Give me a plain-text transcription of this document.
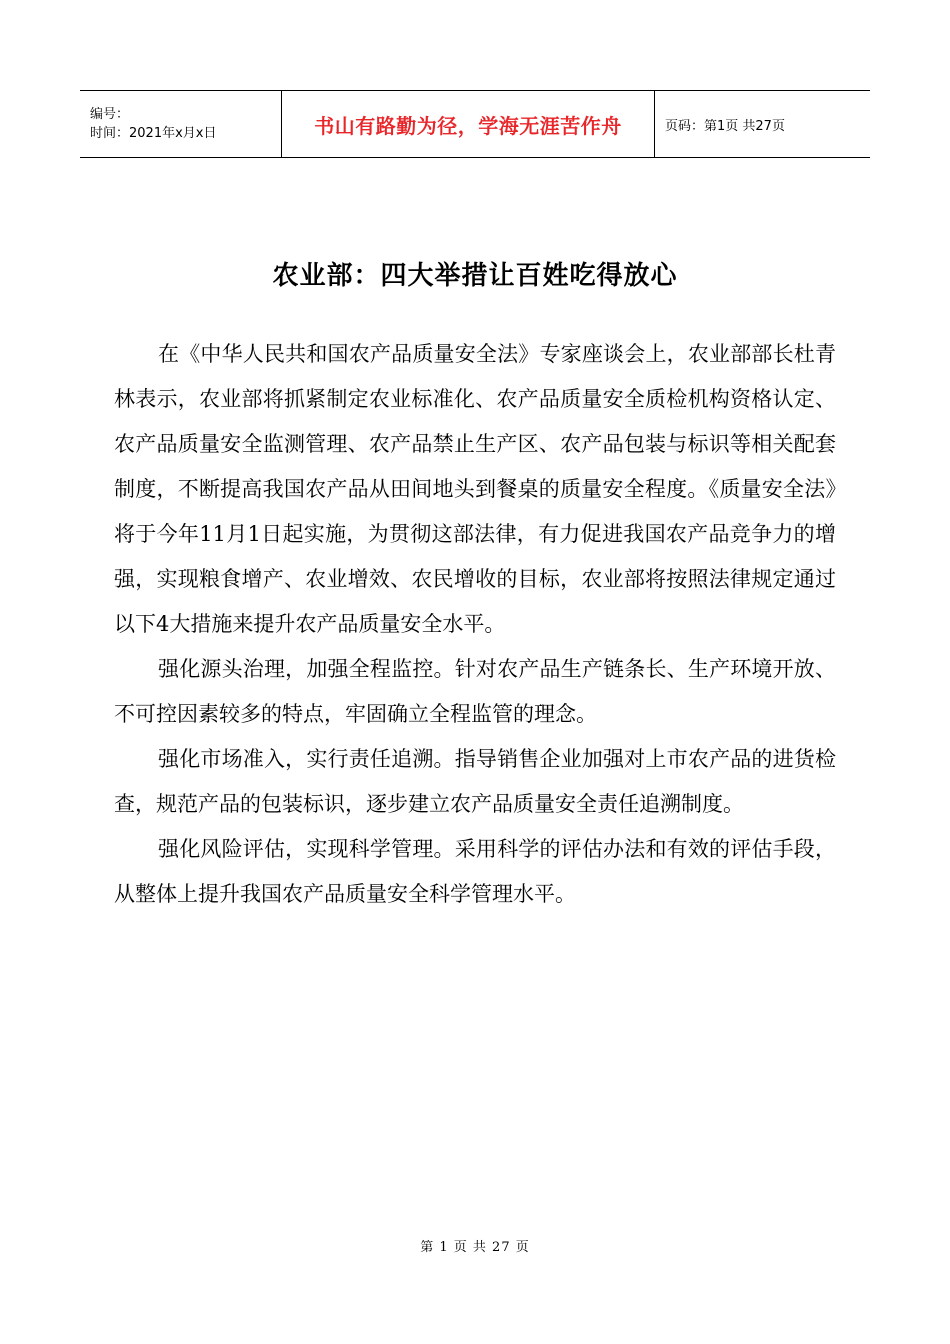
编号：
时间：2021年x月x日	书山有路勤为径，学海无涯苦作舟	页码：第1页 共27页
农业部：四大举措让百姓吃得放心

在《中华人民共和国农产品质量安全法》专家座谈会上，农业部部长杜青林表示，农业部将抓紧制定农业标准化、农产品质量安全质检机构资格认定、农产品质量安全监测管理、农产品禁止生产区、农产品包装与标识等相关配套制度，不断提高我国农产品从田间地头到餐桌的质量安全程度。《质量安全法》将于今年11月1日起实施，为贯彻这部法律，有力促进我国农产品竞争力的增强，实现粮食增产、农业增效、农民增收的目标，农业部将按照法律规定通过以下4大措施来提升农产品质量安全水平。

强化源头治理，加强全程监控。针对农产品生产链条长、生产环境开放、不可控因素较多的特点，牢固确立全程监管的理念。

强化市场准入，实行责任追溯。指导销售企业加强对上市农产品的进货检查，规范产品的包装标识，逐步建立农产品质量安全责任追溯制度。

强化风险评估，实现科学管理。采用科学的评估办法和有效的评估手段，从整体上提升我国农产品质量安全科学管理水平。

第 1 页 共 27 页
